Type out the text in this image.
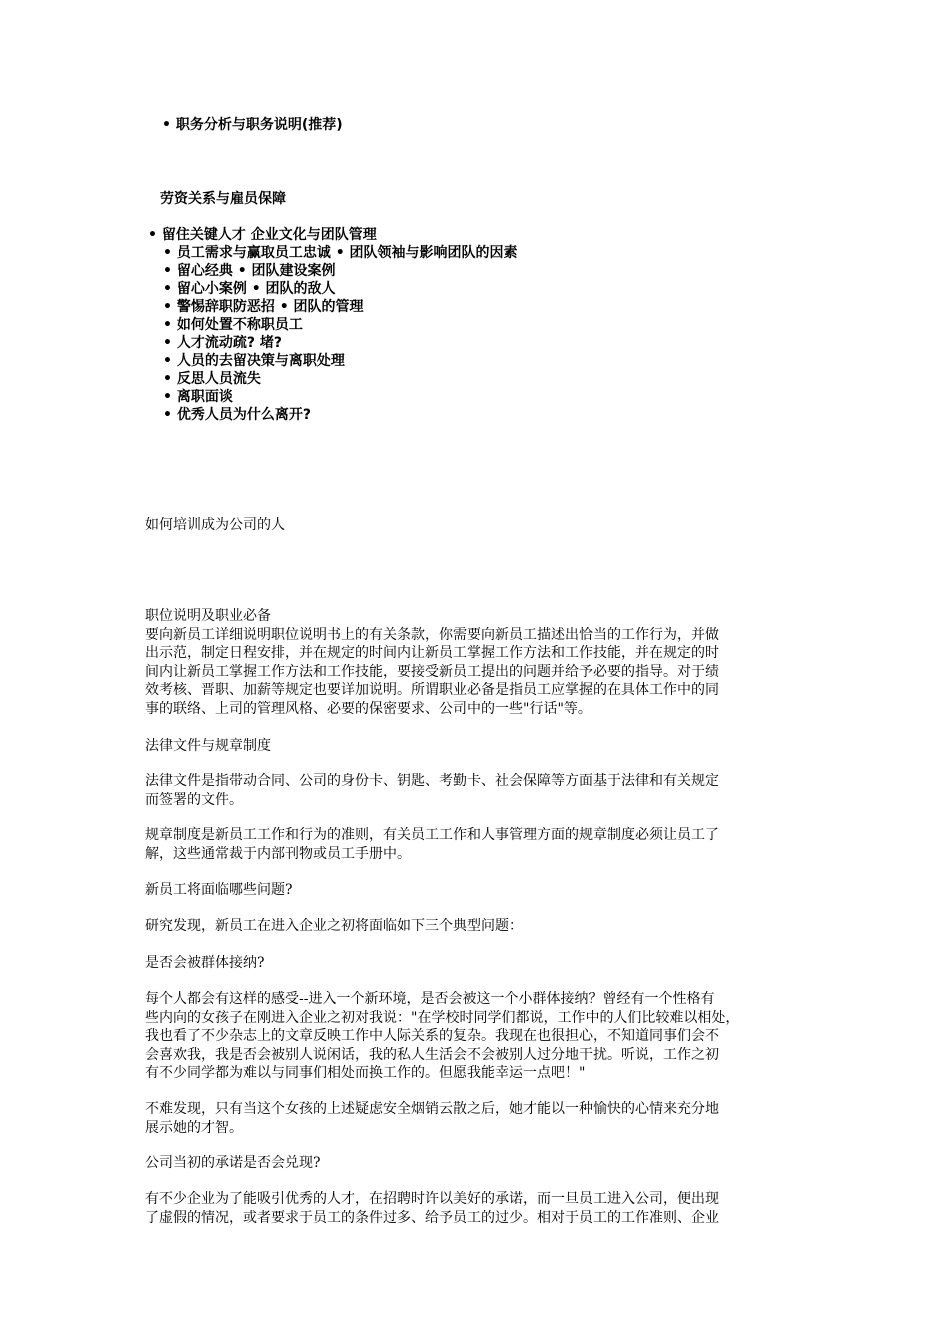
• 职务分析与职务说明(推荐)
劳资关系与雇员保障
• 留住关键人才 企业文化与团队管理
• 员工需求与赢取员工忠诚 • 团队领袖与影响团队的因素
• 留心经典 • 团队建设案例
• 留心小案例 • 团队的敌人
• 警惕辞职防恶招 • 团队的管理
• 如何处置不称职员工
• 人才流动疏? 堵?
• 人员的去留决策与离职处理
• 反思人员流失
• 离职面谈
• 优秀人员为什么离开?
如何培训成为公司的人
职位说明及职业必备
要向新员工详细说明职位说明书上的有关条款，你需要向新员工描述出恰当的工作行为，并做
出示范，制定日程安排，并在规定的时间内让新员工掌握工作方法和工作技能，并在规定的时
间内让新员工掌握工作方法和工作技能，要接受新员工提出的问题并给予必要的指导。对于绩
效考核、晋职、加薪等规定也要详加说明。所谓职业必备是指员工应掌握的在具体工作中的同
事的联络、上司的管理风格、必要的保密要求、公司中的一些"行话"等。
法律文件与规章制度
法律文件是指带动合同、公司的身份卡、钥匙、考勤卡、社会保障等方面基于法律和有关规定
而签署的文件。
规章制度是新员工工作和行为的准则，有关员工工作和人事管理方面的规章制度必须让员工了
解，这些通常裁于内部刊物或员工手册中。
新员工将面临哪些问题?
研究发现，新员工在进入企业之初将面临如下三个典型问题：
是否会被群体接纳?
每个人都会有这样的感受--进入一个新环境，是否会被这一个小群体接纳？曾经有一个性格有
些内向的女孩子在刚进入企业之初对我说："在学校时同学们都说，工作中的人们比较难以相处，
我也看了不少杂志上的文章反映工作中人际关系的复杂。我现在也很担心，不知道同事们会不
会喜欢我，我是否会被别人说闲话，我的私人生活会不会被别人过分地干扰。听说，工作之初
有不少同学都为难以与同事们相处而换工作的。但愿我能幸运一点吧！"
不难发现，只有当这个女孩的上述疑虑安全烟销云散之后，她才能以一种愉快的心情来充分地
展示她的才智。
公司当初的承诺是否会兑现?
有不少企业为了能吸引优秀的人才，在招聘时许以美好的承诺，而一旦员工进入公司，便出现
了虚假的情况，或者要求于员工的条件过多、给予员工的过少。相对于员工的工作准则、企业
